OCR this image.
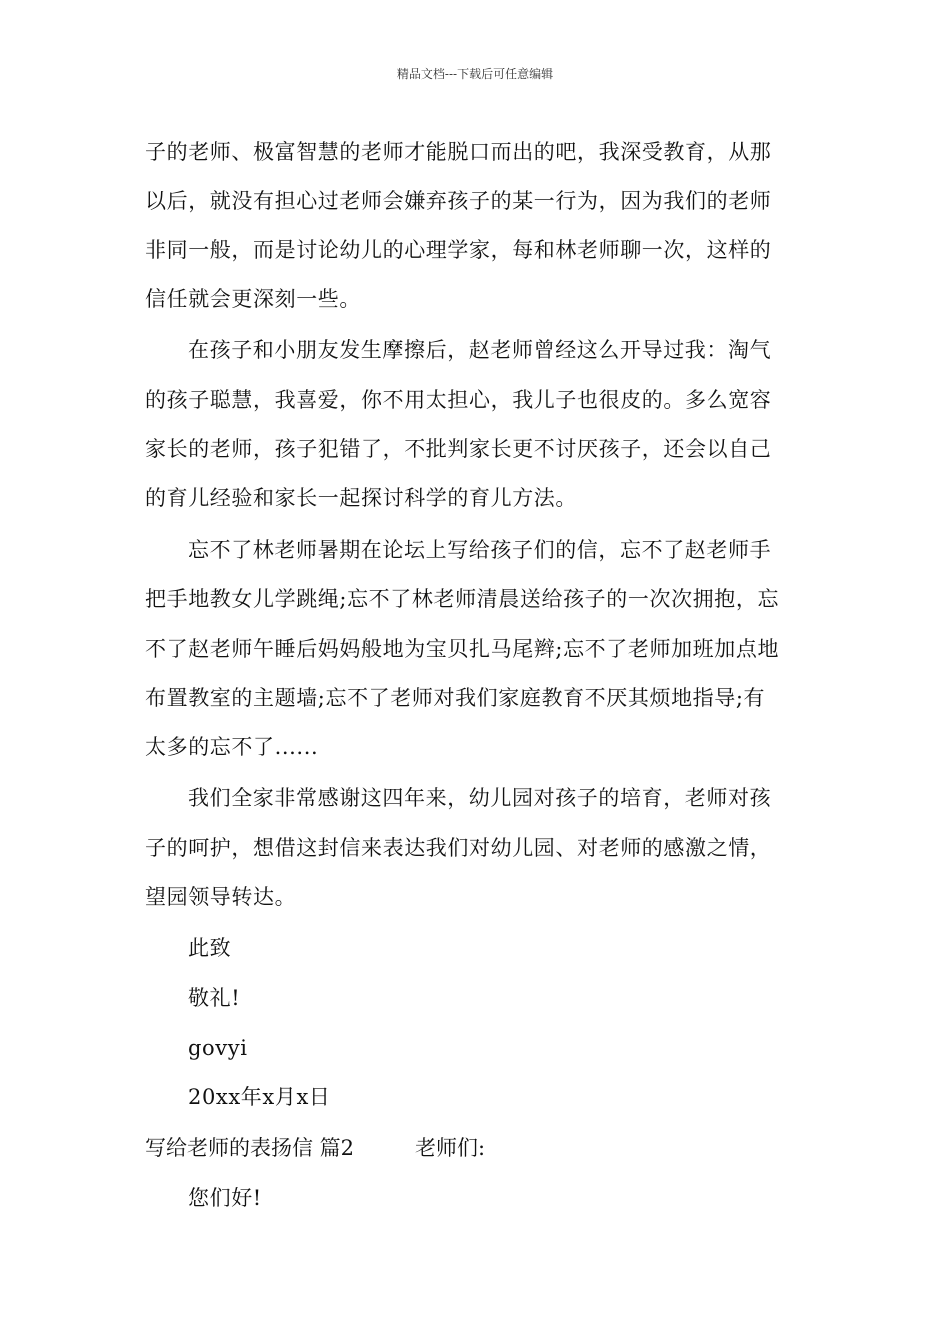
精品文档---下载后可任意编辑
子的老师、极富智慧的老师才能脱口而出的吧，我深受教育，从那
以后，就没有担心过老师会嫌弃孩子的某一行为，因为我们的老师
非同一般，而是讨论幼儿的心理学家，每和林老师聊一次，这样的
信任就会更深刻一些。
在孩子和小朋友发生摩擦后，赵老师曾经这么开导过我：淘气
的孩子聪慧，我喜爱，你不用太担心，我儿子也很皮的。多么宽容
家长的老师，孩子犯错了，不批判家长更不讨厌孩子，还会以自己
的育儿经验和家长一起探讨科学的育儿方法。
忘不了林老师暑期在论坛上写给孩子们的信，忘不了赵老师手
把手地教女儿学跳绳;忘不了林老师清晨送给孩子的一次次拥抱，忘
不了赵老师午睡后妈妈般地为宝贝扎马尾辫;忘不了老师加班加点地
布置教室的主题墙;忘不了老师对我们家庭教育不厌其烦地指导;有
太多的忘不了......
我们全家非常感谢这四年来，幼儿园对孩子的培育，老师对孩
子的呵护，想借这封信来表达我们对幼儿园、对老师的感激之情，
望园领导转达。
此致
敬礼!
govyi
20xx年x月x日
写给老师的表扬信 篇2	老师们:
您们好!
